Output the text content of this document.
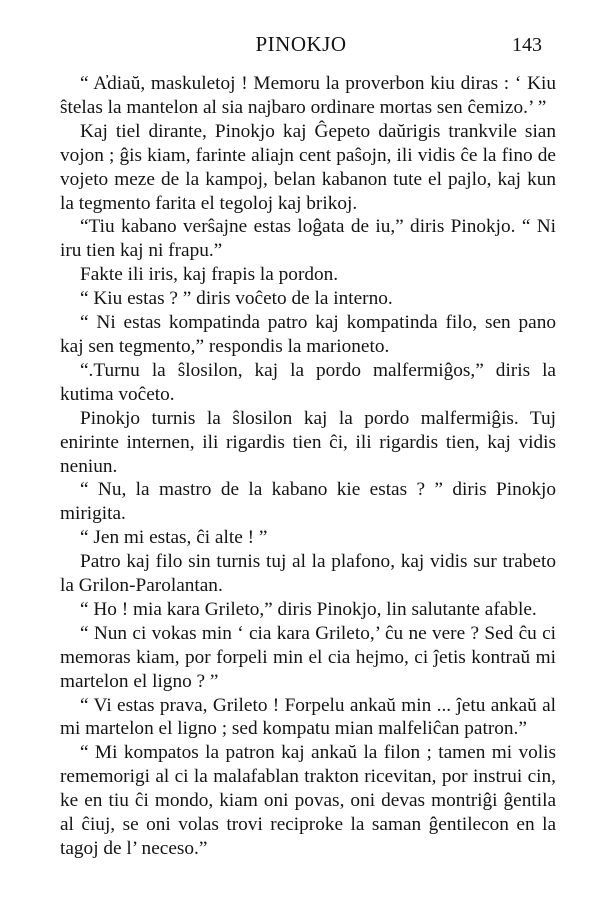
PINOKJO	143

“ A̓diaŭ, maskuletoj ! Memoru la proverbon kiu diras : ‘ Kiu ŝtelas la mantelon al sia najbaro ordinare mortas sen ĉemizo.’ ”

Kaj tiel dirante, Pinokjo kaj Ĝepeto daŭrigis trankvile sian vojon ; ĝis kiam, farinte aliajn cent paŝojn, ili vidis ĉe la fino de vojeto meze de la kampoj, belan kabanon tute el pajlo, kaj kun la tegmento farita el tegoloj kaj brikoj.

“Tiu kabano verŝajne estas loĝata de iu,” diris Pinokjo. “ Ni iru tien kaj ni frapu.”

Fakte ili iris, kaj frapis la pordon.

“ Kiu estas ? ” diris voĉeto de la interno.

“ Ni estas kompatinda patro kaj kompatinda filo, sen pano kaj sen tegmento,” respondis la marioneto.

“.Turnu la ŝlosilon, kaj la pordo malfermiĝos,” diris la kutima voĉeto.

Pinokjo turnis la ŝlosilon kaj la pordo malfermiĝis. Tuj enirinte internen, ili rigardis tien ĉi, ili rigardis tien, kaj vidis neniun.

“ Nu, la mastro de la kabano kie estas ? ” diris Pinokjo mirigita.

“ Jen mi estas, ĉi alte ! ”

Patro kaj filo sin turnis tuj al la plafono, kaj vidis sur trabeto la Grilon-Parolantan.

“ Ho ! mia kara Grileto,” diris Pinokjo, lin salutante afable.

“ Nun ci vokas min ‘ cia kara Grileto,’ ĉu ne vere ? Sed ĉu ci memoras kiam, por forpeli min el cia hejmo, ci ĵetis kontraŭ mi martelon el ligno ? ”

“ Vi estas prava, Grileto ! Forpelu ankaŭ min ... ĵetu ankaŭ al mi martelon el ligno ; sed kompatu mian malfeliĉan patron.”

“ Mi kompatos la patron kaj ankaŭ la filon ; tamen mi volis rememorigi al ci la malafablan trakton ricevitan, por instrui cin, ke en tiu ĉi mondo, kiam oni povas, oni devas montriĝi ĝentila al ĉiuj, se oni volas trovi reciproke la saman ĝentilecon en la tagoj de l’ neceso.”
